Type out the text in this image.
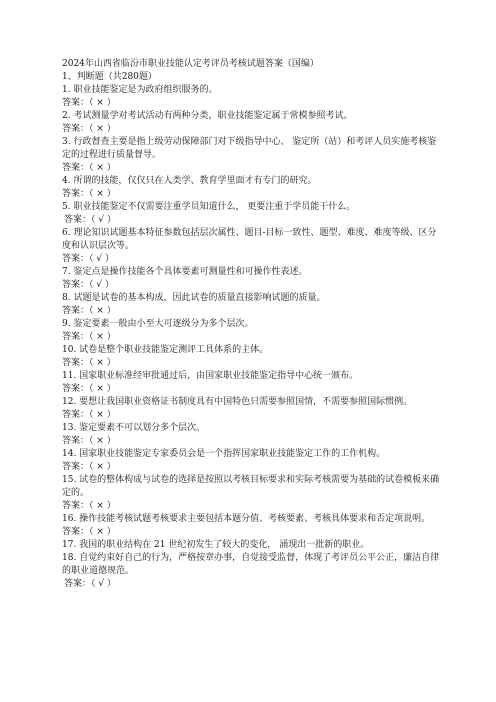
2024年山西省临汾市职业技能认定考评员考核试题答案（国编）

1、判断题（共280题）

1. 职业技能鉴定是为政府组织服务的。

答案：（ × ）

2. 考试测量学对考试活动有两种分类，职业技能鉴定属于常模参照考试。

答案：（ × ）

3. 行政督查主要是指上级劳动保障部门对下级指导中心、 鉴定所（站）和考评人员实施考核鉴定的过程进行质量督导。

答案：（ × ）

4. 所谓的技能，仅仅只在人类学、教育学里面才有专门的研究。

答案：（ × ）

5. 职业技能鉴定不仅需要注重学员知道什么， 更要注重于学员能干什么。

答案：（ √ ）

6. 理论知识试题基本特征参数包括层次属性、题目-目标一致性、题型、难度、难度等级、区分度和认识层次等。

答案：（ √ ）

7. 鉴定点是操作技能各个具体要素可测量性和可操作性表述。

答案：（ √ ）

8. 试题是试卷的基本构成，因此试卷的质量直接影响试题的质量。

答案：（ × ）

9. 鉴定要素一般由小至大可逐级分为多个层次。

答案：（ × ）

10. 试卷是整个职业技能鉴定测评工具体系的主体。

答案：（ × ）

11. 国家职业标准经审批通过后，由国家职业技能鉴定指导中心统一颁布。

答案：（ × ）

12. 要想让我国职业资格证书制度具有中国特色只需要参照国情，不需要参照国际惯例。

答案：（ × ）

13. 鉴定要素不可以划分多个层次。

答案：（ × ）

14. 国家职业技能鉴定专家委员会是一个指挥国家职业技能鉴定工作的工作机构。

答案：（ × ）

15. 试卷的整体构成与试卷的选择是按照以考核目标要求和实际考核需要为基础的试卷模板来确定的。

答案：（ × ）

16. 操作技能考核试题考核要求主要包括本题分值、考核要素、考核具体要求和否定项说明。

答案：（ × ）

17. 我国的职业结构在 21 世纪初发生了较大的变化， 涌现出一批新的职业。

18. 自觉约束好自己的行为，严格按章办事，自觉接受监督，体现了考评员公平公正，廉洁自律的职业道德规范。

答案：（ √ ）
